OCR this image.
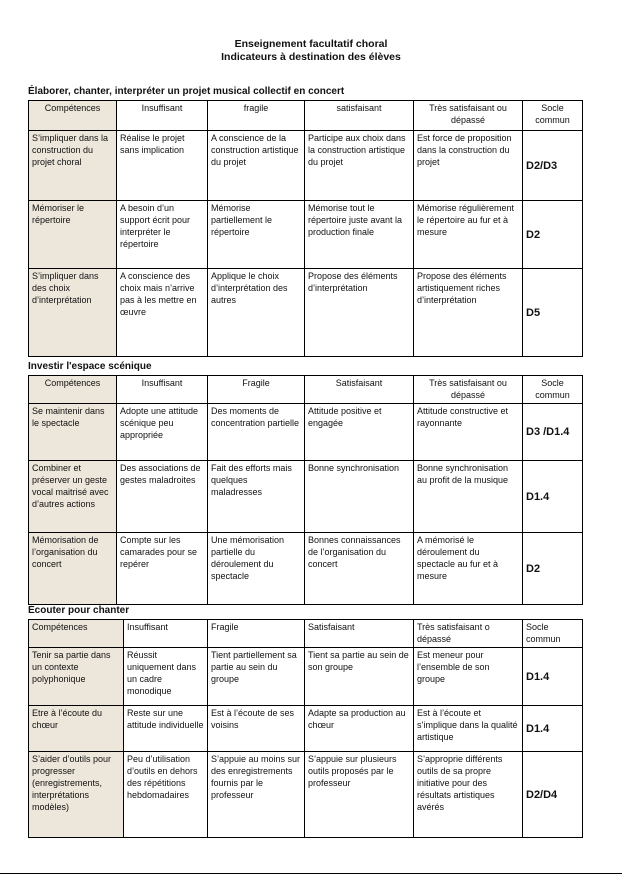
Enseignement facultatif choral
Indicateurs à destination des élèves
Élaborer, chanter, interpréter un projet musical collectif en concert
Compétences	Insuffisant	fragile	satisfaisant	Très satisfaisant ou dépassé	Socle commun
S’impliquer dans la construction du projet choral	Réalise le projet sans implication	A conscience de la construction artistique du projet	Participe aux choix dans la construction artistique du projet	Est force de proposition dans la construction du projet	D2/D3
Mémoriser le répertoire	A besoin d’un support écrit pour interpréter le répertoire	Mémorise partiellement le répertoire	Mémorise tout le répertoire juste avant la production finale	Mémorise régulièrement le répertoire au fur et à mesure	D2
S’impliquer dans des choix d’interprétation	A conscience des choix mais n’arrive pas à les mettre en œuvre	Applique le choix d’interprétation des autres	Propose des éléments d’interprétation	Propose des éléments artistiquement riches d’interprétation	D5
Investir l'espace scénique
Compétences	Insuffisant	Fragile	Satisfaisant	Très satisfaisant ou dépassé	Socle commun
Se maintenir dans le spectacle	Adopte une attitude scénique peu appropriée	Des moments de concentration partielle	Attitude positive et engagée	Attitude constructive et rayonnante	D3 /D1.4
Combiner et préserver un geste vocal maitrisé avec d’autres actions	Des associations de gestes maladroites	Fait des efforts mais quelques maladresses	Bonne synchronisation	Bonne synchronisation au profit de la musique	D1.4
Mémorisation de l’organisation du concert	Compte sur les camarades pour se repérer	Une mémorisation partielle du déroulement du spectacle	Bonnes connaissances de l’organisation du concert	A mémorisé le déroulement du spectacle au fur et à mesure	D2
Écouter pour chanter
Compétences	Insuffisant	Fragile	Satisfaisant	Très satisfaisant o dépassé	Socle commun
Tenir sa partie dans un contexte polyphonique	Réussit uniquement dans un cadre monodique	Tient partiellement sa partie au sein du groupe	Tient sa partie au sein de son groupe	Est meneur pour l’ensemble de son groupe	D1.4
Etre à l’écoute du chœur	Reste sur une attitude individuelle	Est à l’écoute de ses voisins	Adapte sa production au chœur	Est à l’écoute et s’implique dans la qualité artistique	D1.4
S’aider d’outils pour progresser (enregistrements, interprétations modèles)	Peu d’utilisation d’outils en dehors des répétitions hebdomadaires	S’appuie au moins sur des enregistrements fournis par le professeur	S’appuie sur plusieurs outils proposés par le professeur	S’approprie différents outils de sa propre initiative pour des résultats artistiques avérés	D2/D4
